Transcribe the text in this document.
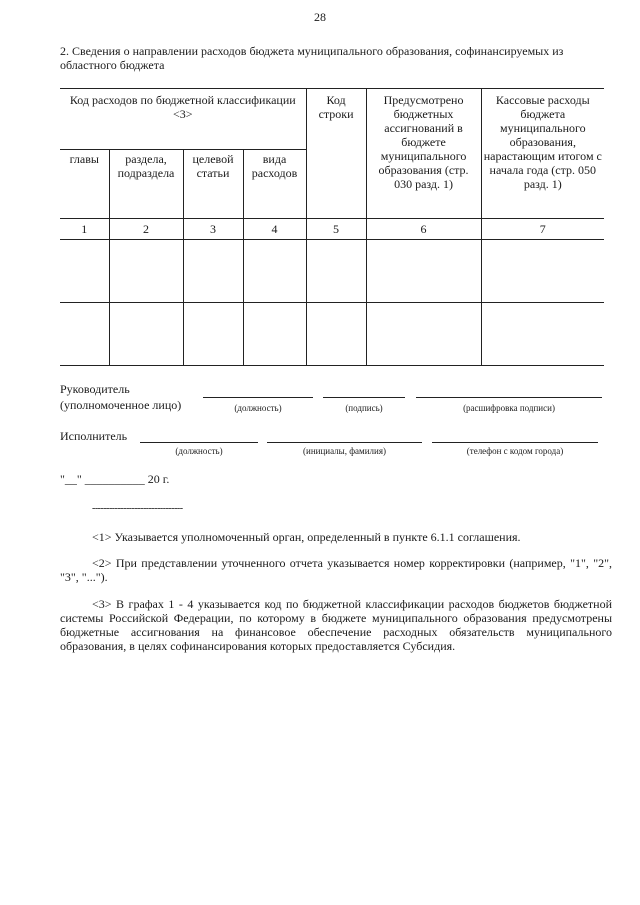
28
2. Сведения о направлении расходов бюджета муниципального образования, софинансируемых из областного бюджета
Код расходов по бюджетной классификации <3>				Код строки	Предусмотрено бюджетных ассигнований в бюджете муниципального образования (стр. 030 разд. 1)	Кассовые расходы бюджета муниципального образования, нарастающим итогом с начала года (стр. 050 разд. 1)
главы	раздела, подраздела	целевой статьи	вида расходов			
1	2	3	4	5	6	7

Руководитель
(уполномоченное лицо)	(должность)	(подпись)	(расшифровка подписи)
Исполнитель
(должность)	(инициалы, фамилия)	(телефон с кодом города)
"__" __________ 20 г.
--------------------------------
<1> Указывается уполномоченный орган, определенный в пункте 6.1.1 соглашения.
<2> При представлении уточненного отчета указывается номер корректировки (например, "1", "2", "3", "...").
<3> В графах 1 - 4 указывается код по бюджетной классификации расходов бюджетов бюджетной системы Российской Федерации, по которому в бюджете муниципального образования предусмотрены бюджетные ассигнования на финансовое обеспечение расходных обязательств муниципального образования, в целях софинансирования которых предоставляется Субсидия.
